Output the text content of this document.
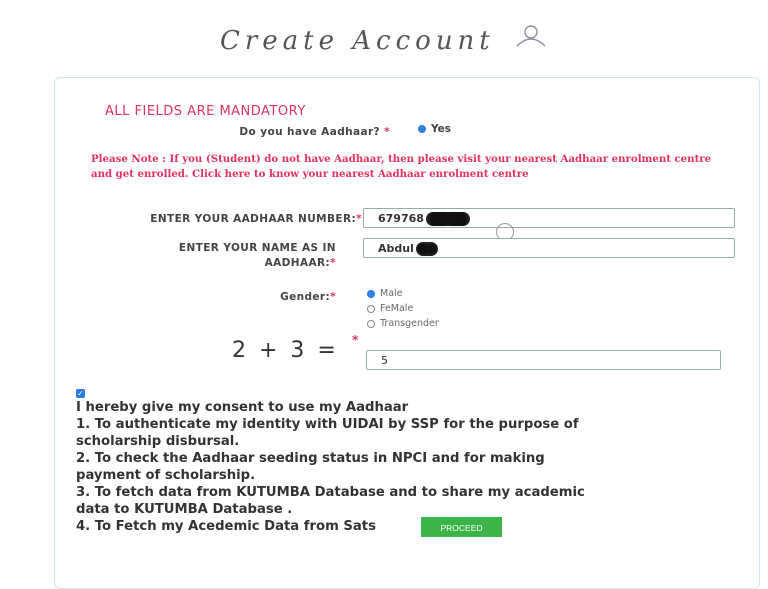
Create Account
ALL FIELDS ARE MANDATORY
Do you have Aadhaar? *	Yes
Please Note : If you (Student) do not have Aadhaar, then please visit your nearest Aadhaar enrolment centre and get enrolled. Click here to know your nearest Aadhaar enrolment centre
ENTER YOUR AADHAAR NUMBER:*	679768
ENTER YOUR NAME AS IN
AADHAAR:*
Abdul
Gender:*	Male
FeMale
Transgender
2 + 3 = *
5
✓
I hereby give my consent to use my Aadhaar
1. To authenticate my identity with UIDAI by SSP for the purpose of
scholarship disbursal.
2. To check the Aadhaar seeding status in NPCI and for making
payment of scholarship.
3. To fetch data from KUTUMBA Database and to share my academic
data to KUTUMBA Database .
4. To Fetch my Acedemic Data from Sats	PROCEED
